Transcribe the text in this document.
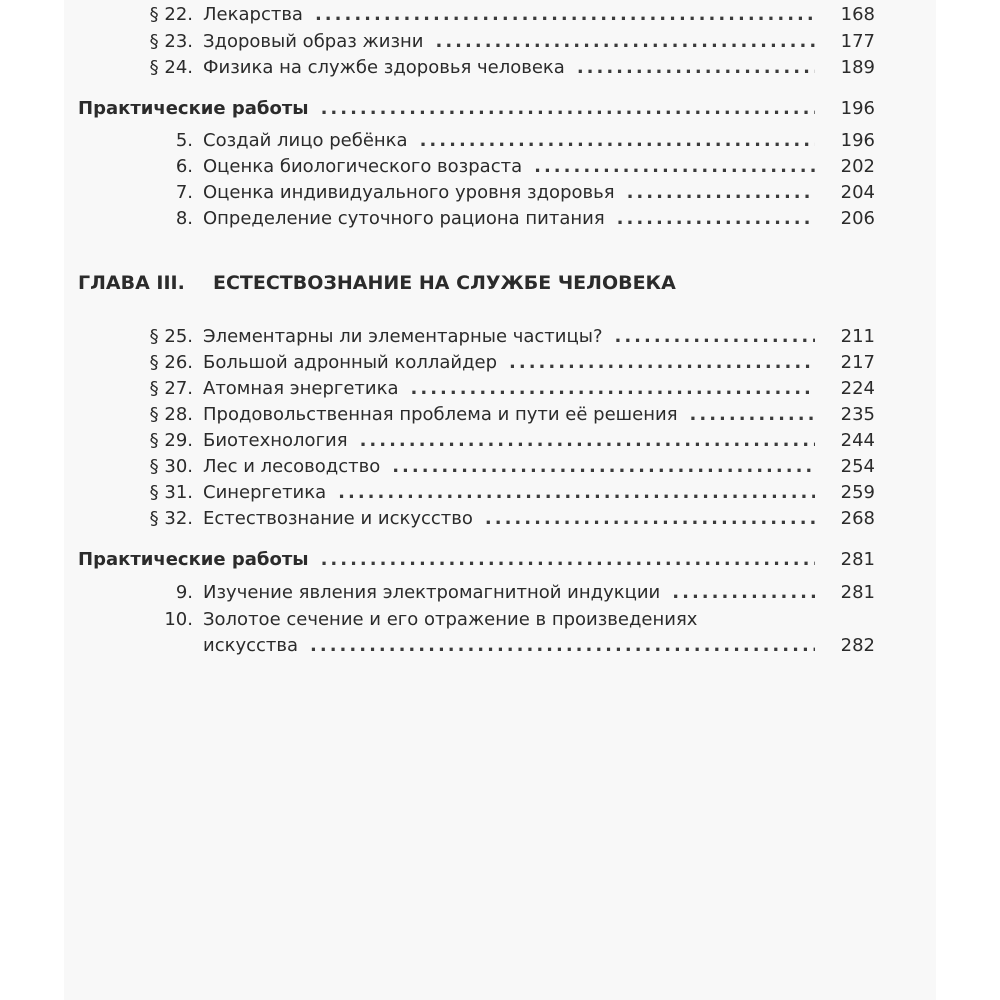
§ 22. Лекарства .....	168
§ 23. Здоровый образ жизни .....	177
§ 24. Физика на службе здоровья человека .....	189
Практические работы .....	196
5. Создай лицо ребёнка .....	196
6. Оценка биологического возраста .....	202
7. Оценка индивидуального уровня здоровья .....	204
8. Определение суточного рациона питания .....	206
ГЛАВА III.	ЕСТЕСТВОЗНАНИЕ НА СЛУЖБЕ ЧЕЛОВЕКА
§ 25. Элементарны ли элементарные частицы? .....	211
§ 26. Большой адронный коллайдер .....	217
§ 27. Атомная энергетика .....	224
§ 28. Продовольственная проблема и пути её решения .....	235
§ 29. Биотехнология .....	244
§ 30. Лес и лесоводство .....	254
§ 31. Синергетика .....	259
§ 32. Естествознание и искусство .....	268
Практические работы .....	281
9. Изучение явления электромагнитной индукции .....	281
10. Золотое сечение и его отражение в произведениях
искусства .....	282
